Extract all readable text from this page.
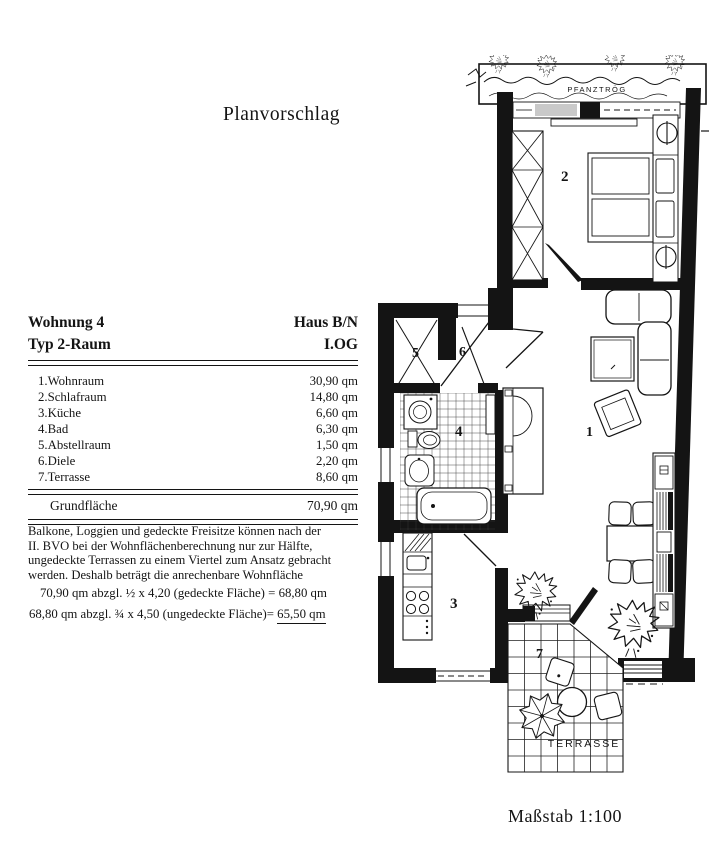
Planvorschlag
Wohnung 4	Haus B/N
Typ 2-Raum	I.OG
1.Wohnraum	30,90 qm
2.Schlafraum	14,80 qm
3.Küche	6,60 qm
4.Bad	6,30 qm
5.Abstellraum	1,50 qm
6.Diele	2,20 qm
7.Terrasse	8,60 qm
Grundfläche	70,90 qm
Balkone, Loggien und gedeckte Freisitze können nach der
II. BVO bei der Wohnflächenberechnung nur zur Hälfte,
ungedeckte Terrassen zu einem Viertel zum Ansatz gebracht
werden. Deshalb beträgt die anrechenbare Wohnfläche
70,90 qm abzgl. ½ x 4,20 (gedeckte Fläche) = 68,80 qm
68,80 qm abzgl. ¾ x 4,50 (ungedeckte Fläche)= 65,50 qm
Maßstab 1:100
PFANZTRÖG
2
1
5	6
4
3
7
TERRASSE
